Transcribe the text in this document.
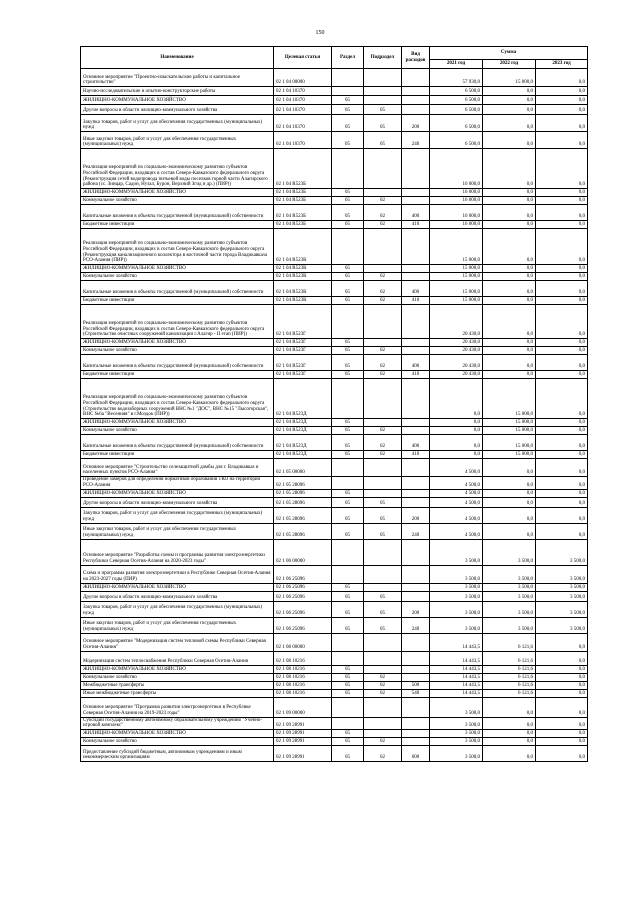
150
Наименование	Целевая статья	Раздел	Подраздел	Вид расходов	Сумма		
					2021 год	2022 год	2023 год
Основное мероприятие "Проектно-изыскательские работы и капитальное строительство"	02 1 04 00000				57 930,0	15 000,0	0,0
Научно-исследовательские и опытно-конструкторские работы	02 1 04 10370				6 500,0	0,0	0,0
ЖИЛИЩНО-КОММУНАЛЬНОЕ ХОЗЯЙСТВО	02 1 04 10370	05			6 500,0	0,0	0,0
Другие вопросы в области жилищно-коммунального хозяйства	02 1 04 10370	05	05		6 500,0	0,0	0,0
Закупка товаров, работ и услуг для обеспечения государственных (муниципальных) нужд	02 1 04 10370	05	05	200	6 500,0	0,0	0,0
Иные закупки товаров, работ и услуг для обеспечения государственных (муниципальных) нужд	02 1 04 10370	05	05	240	6 500,0	0,0	0,0
Реализация мероприятий по социально-экономическому развитию субъектов Российской Федерации, входящих в состав Северо-Кавказского федерального округа (Реконструкция сетей водопровода питьевой воды поселков горной части Алагирского района (сс. Зинцар, Садон, Нузал, Бурон, Верхний Згид и др.) (ПИР))	02 1 04 R523Б				16 000,0	0,0	0,0
ЖИЛИЩНО-КОММУНАЛЬНОЕ ХОЗЯЙСТВО	02 1 04 R523Б	05			16 000,0	0,0	0,0
Коммунальное хозяйство	02 1 04 R523Б	05	02		16 000,0	0,0	0,0
Капитальные вложения в объекты государственной (муниципальной) собственности	02 1 04 R523Б	05	02	400	16 000,0	0,0	0,0
Бюджетные инвестиции	02 1 04 R523Б	05	02	410	16 000,0	0,0	0,0
Реализация мероприятий по социально-экономическому развитию субъектов Российской Федерации, входящих в состав Северо-Кавказского федерального округа (Реконструкция канализационного коллектора в восточной части города Владикавказа РСО-Алания (ПИР))	02 1 04 R523В				15 000,0	0,0	0,0
ЖИЛИЩНО-КОММУНАЛЬНОЕ ХОЗЯЙСТВО	02 1 04 R523В	05			15 000,0	0,0	0,0
Коммунальное хозяйство	02 1 04 R523В	05	02		15 000,0	0,0	0,0
Капитальные вложения в объекты государственной (муниципальной) собственности	02 1 04 R523В	05	02	400	15 000,0	0,0	0,0
Бюджетные инвестиции	02 1 04 R523В	05	02	410	15 000,0	0,0	0,0
Реализация мероприятий по социально-экономическому развитию субъектов Российской Федерации, входящих в состав Северо-Кавказского федерального округа (Строительство очистных сооружений канализации г.Алагир - II этап (ПИР))	02 1 04 R523Г				20 430,0	0,0	0,0
ЖИЛИЩНО-КОММУНАЛЬНОЕ ХОЗЯЙСТВО	02 1 04 R523Г	05			20 430,0	0,0	0,0
Коммунальное хозяйство	02 1 04 R523Г	05	02		20 430,0	0,0	0,0
Капитальные вложения в объекты государственной (муниципальной) собственности	02 1 04 R523Г	05	02	400	20 430,0	0,0	0,0
Бюджетные инвестиции	02 1 04 R523Г	05	02	410	20 430,0	0,0	0,0
Реализация мероприятий по социально-экономическому развитию субъектов Российской Федерации, входящих в состав Северо-Кавказского федерального округа (Строительство водозаборных сооружений ВНС №1 "ДОС", ВНС №15 "Лысогорская", ВНС №6а "Весенняя" в г.Моздок (ПИР))	02 1 04 R523Д				0,0	15 000,0	0,0
ЖИЛИЩНО-КОММУНАЛЬНОЕ ХОЗЯЙСТВО	02 1 04 R523Д	05			0,0	15 000,0	0,0
Коммунальное хозяйство	02 1 04 R523Д	05	02		0,0	15 000,0	0,0
Капитальные вложения в объекты государственной (муниципальной) собственности	02 1 04 R523Д	05	02	400	0,0	15 000,0	0,0
Бюджетные инвестиции	02 1 04 R523Д	05	02	410	0,0	15 000,0	0,0
Основное мероприятие "Строительство селезащитной дамбы для г. Владикавказ и населенных пунктов РСО-Алания"	02 1 05 00000				4 500,0	0,0	0,0
Проведение замеров для определения нормативов образования ТКО на территории РСО-Алания	02 1 05 28096				4 500,0	0,0	0,0
ЖИЛИЩНО-КОММУНАЛЬНОЕ ХОЗЯЙСТВО	02 1 05 28096	05			4 500,0	0,0	0,0
Другие вопросы в области жилищно-коммунального хозяйства	02 1 05 28096	05	05		4 500,0	0,0	0,0
Закупка товаров, работ и услуг для обеспечения государственных (муниципальных) нужд	02 1 05 28096	05	05	200	4 500,0	0,0	0,0
Иные закупки товаров, работ и услуг для обеспечения государственных (муниципальных) нужд	02 1 05 28096	05	05	240	4 500,0	0,0	0,0
Основное мероприятие "Разработка схемы и программы развития электроэнергетики Республики Северная Осетия-Алания на 2020-2023 годы"	02 1 06 00000				3 500,0	3 500,0	3 500,0
Схема и программа развития электроэнергетики в Республике Северная Осетия-Алания на 2023-2027 годы (ПИР)	02 1 06 25096				3 500,0	3 500,0	3 500,0
ЖИЛИЩНО-КОММУНАЛЬНОЕ ХОЗЯЙСТВО	02 1 06 25096	05			3 500,0	3 500,0	3 500,0
Другие вопросы в области жилищно-коммунального хозяйства	02 1 06 25096	05	05		3 500,0	3 500,0	3 500,0
Закупка товаров, работ и услуг для обеспечения государственных (муниципальных) нужд	02 1 06 25096	05	05	200	3 500,0	3 500,0	3 500,0
Иные закупки товаров, работ и услуг для обеспечения государственных (муниципальных) нужд	02 1 06 25096	05	05	240	3 500,0	3 500,0	3 500,0
Основное мероприятие "Модернизация систем тепловой схемы Республики Северная Осетия-Алания"	02 1 08 00000				14 443,5	6 121,6	0,0
Модернизация систем теплоснабжения Республики Северная Осетия-Алания	02 1 08 10216				14 443,5	6 121,6	0,0
ЖИЛИЩНО-КОММУНАЛЬНОЕ ХОЗЯЙСТВО	02 1 08 10216	05			14 443,5	6 121,6	0,0
Коммунальное хозяйство	02 1 08 10216	05	02		14 443,5	6 121,6	0,0
Межбюджетные трансферты	02 1 08 10216	05	02	500	14 443,5	6 121,6	0,0
Иные межбюджетные трансферты	02 1 08 10216	05	02	540	14 443,5	6 121,6	0,0
Основное мероприятие "Программа развития электроэнергетики в Республике Северная Осетия-Алания на 2019-2023 годы"	02 1 09 00000				3 500,0	0,0	0,0
Субсидии государственному автономному образовательному учреждению "Учебно-игровой комплекс"	02 1 09 28991				3 500,0	0,0	0,0
ЖИЛИЩНО-КОММУНАЛЬНОЕ ХОЗЯЙСТВО	02 1 09 28991	05			3 500,0	0,0	0,0
Коммунальное хозяйство	02 1 09 28991	05	02		3 500,0	0,0	0,0
Предоставление субсидий бюджетным, автономным учреждениям и иным некоммерческим организациям	02 1 09 28991	05	02	600	3 500,0	0,0	0,0
